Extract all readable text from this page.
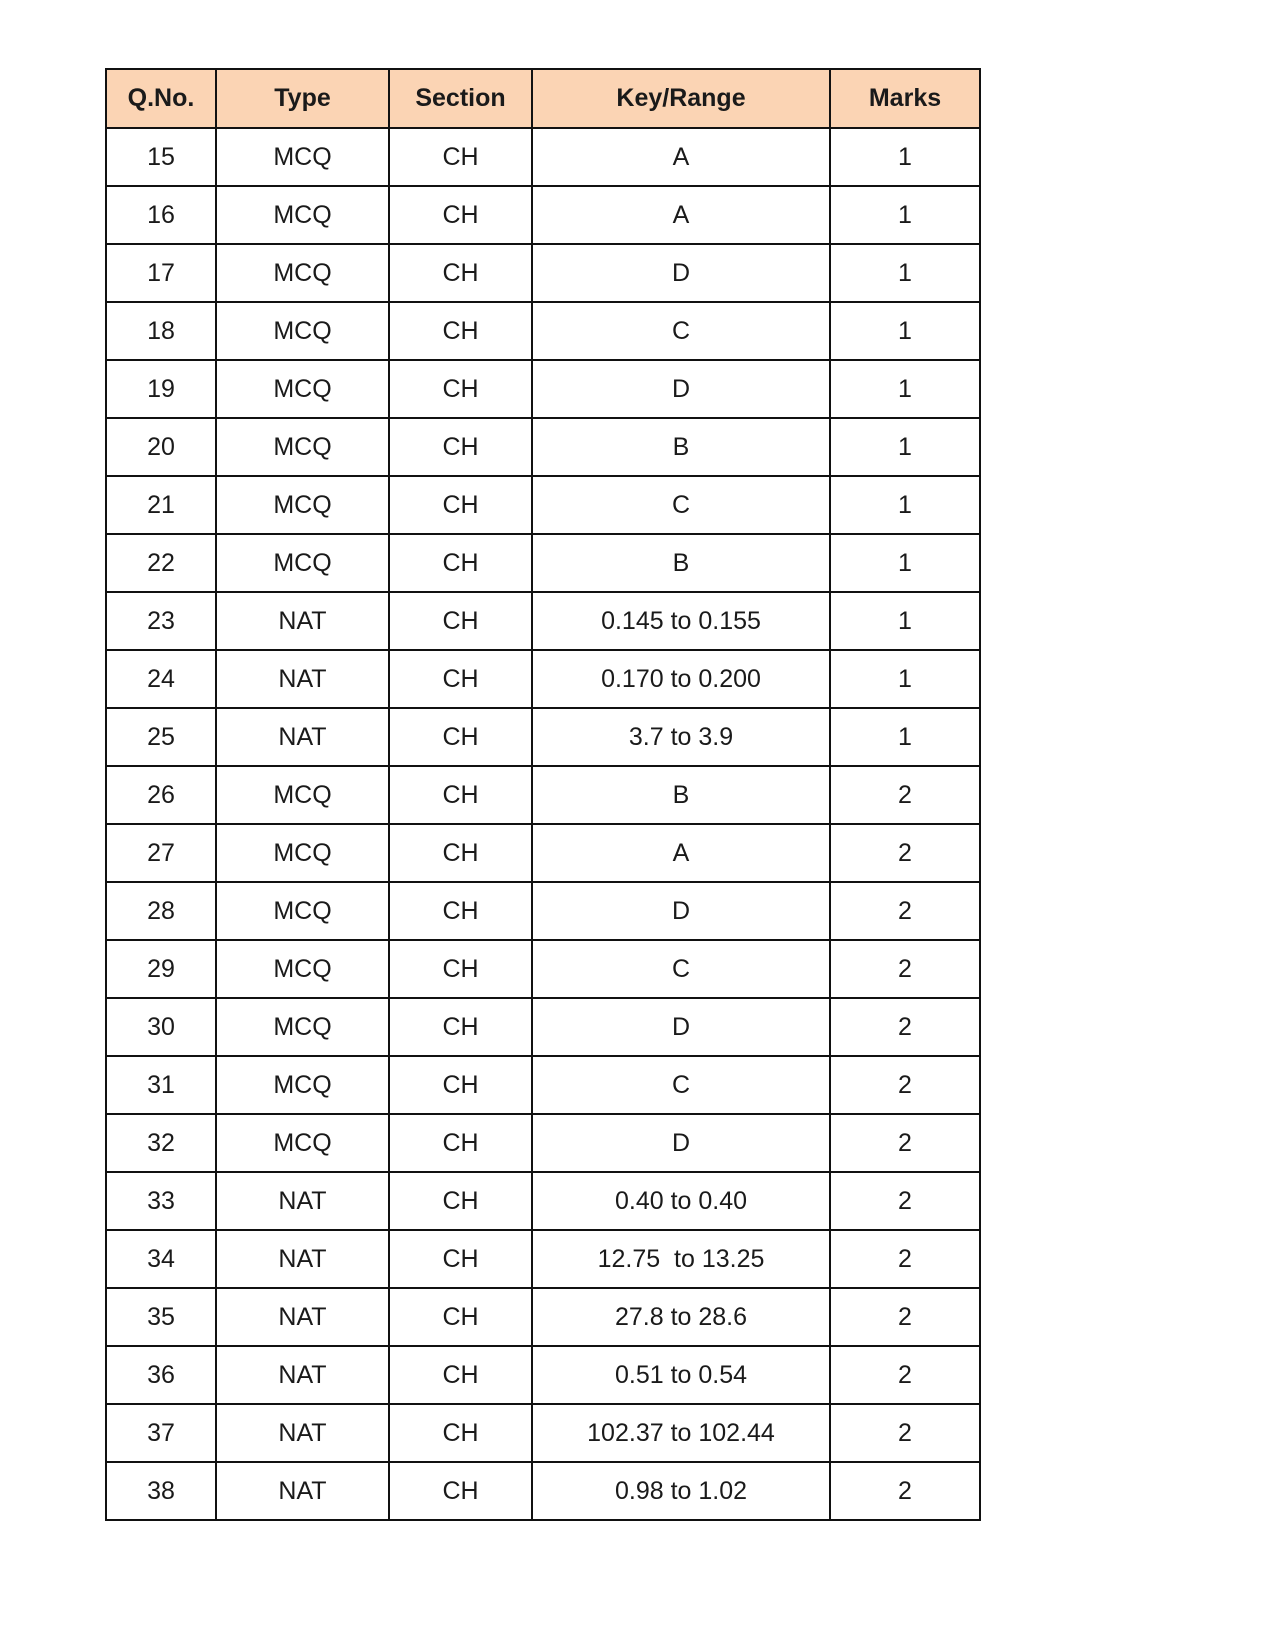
Q.No.	Type	Section	Key/Range	Marks
15	MCQ	CH	A	1
16	MCQ	CH	A	1
17	MCQ	CH	D	1
18	MCQ	CH	C	1
19	MCQ	CH	D	1
20	MCQ	CH	B	1
21	MCQ	CH	C	1
22	MCQ	CH	B	1
23	NAT	CH	0.145 to 0.155	1
24	NAT	CH	0.170 to 0.200	1
25	NAT	CH	3.7 to 3.9	1
26	MCQ	CH	B	2
27	MCQ	CH	A	2
28	MCQ	CH	D	2
29	MCQ	CH	C	2
30	MCQ	CH	D	2
31	MCQ	CH	C	2
32	MCQ	CH	D	2
33	NAT	CH	0.40 to 0.40	2
34	NAT	CH	12.75  to 13.25	2
35	NAT	CH	27.8 to 28.6	2
36	NAT	CH	0.51 to 0.54	2
37	NAT	CH	102.37 to 102.44	2
38	NAT	CH	0.98 to 1.02	2
